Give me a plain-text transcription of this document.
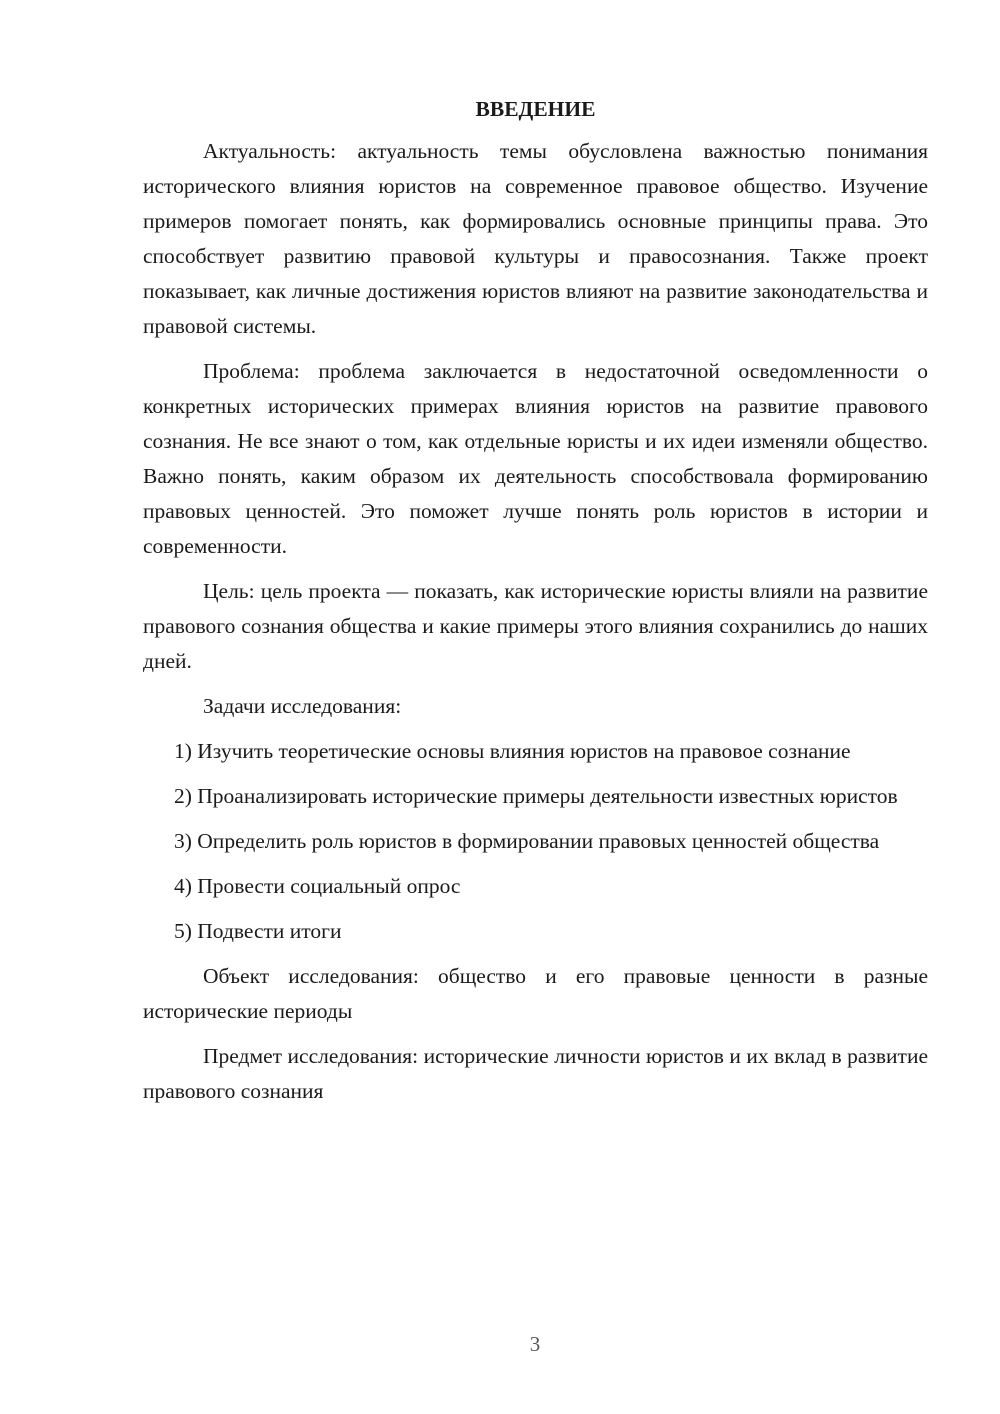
ВВЕДЕНИЕ

Актуальность: актуальность темы обусловлена важностью понимания исторического влияния юристов на современное правовое общество. Изучение примеров помогает понять, как формировались основные принципы права. Это способствует развитию правовой культуры и правосознания. Также проект показывает, как личные достижения юристов влияют на развитие законодательства и правовой системы.

Проблема: проблема заключается в недостаточной осведомленности о конкретных исторических примерах влияния юристов на развитие правового сознания. Не все знают о том, как отдельные юристы и их идеи изменяли общество. Важно понять, каким образом их деятельность способствовала формированию правовых ценностей. Это поможет лучше понять роль юристов в истории и современности.

Цель: цель проекта — показать, как исторические юристы влияли на развитие правового сознания общества и какие примеры этого влияния сохранились до наших дней.

Задачи исследования:

1) Изучить теоретические основы влияния юристов на правовое сознание

2) Проанализировать исторические примеры деятельности известных юристов

3) Определить роль юристов в формировании правовых ценностей общества

4) Провести социальный опрос

5) Подвести итоги

Объект исследования: общество и его правовые ценности в разные исторические периоды

Предмет исследования: исторические личности юристов и их вклад в развитие правового сознания

3
